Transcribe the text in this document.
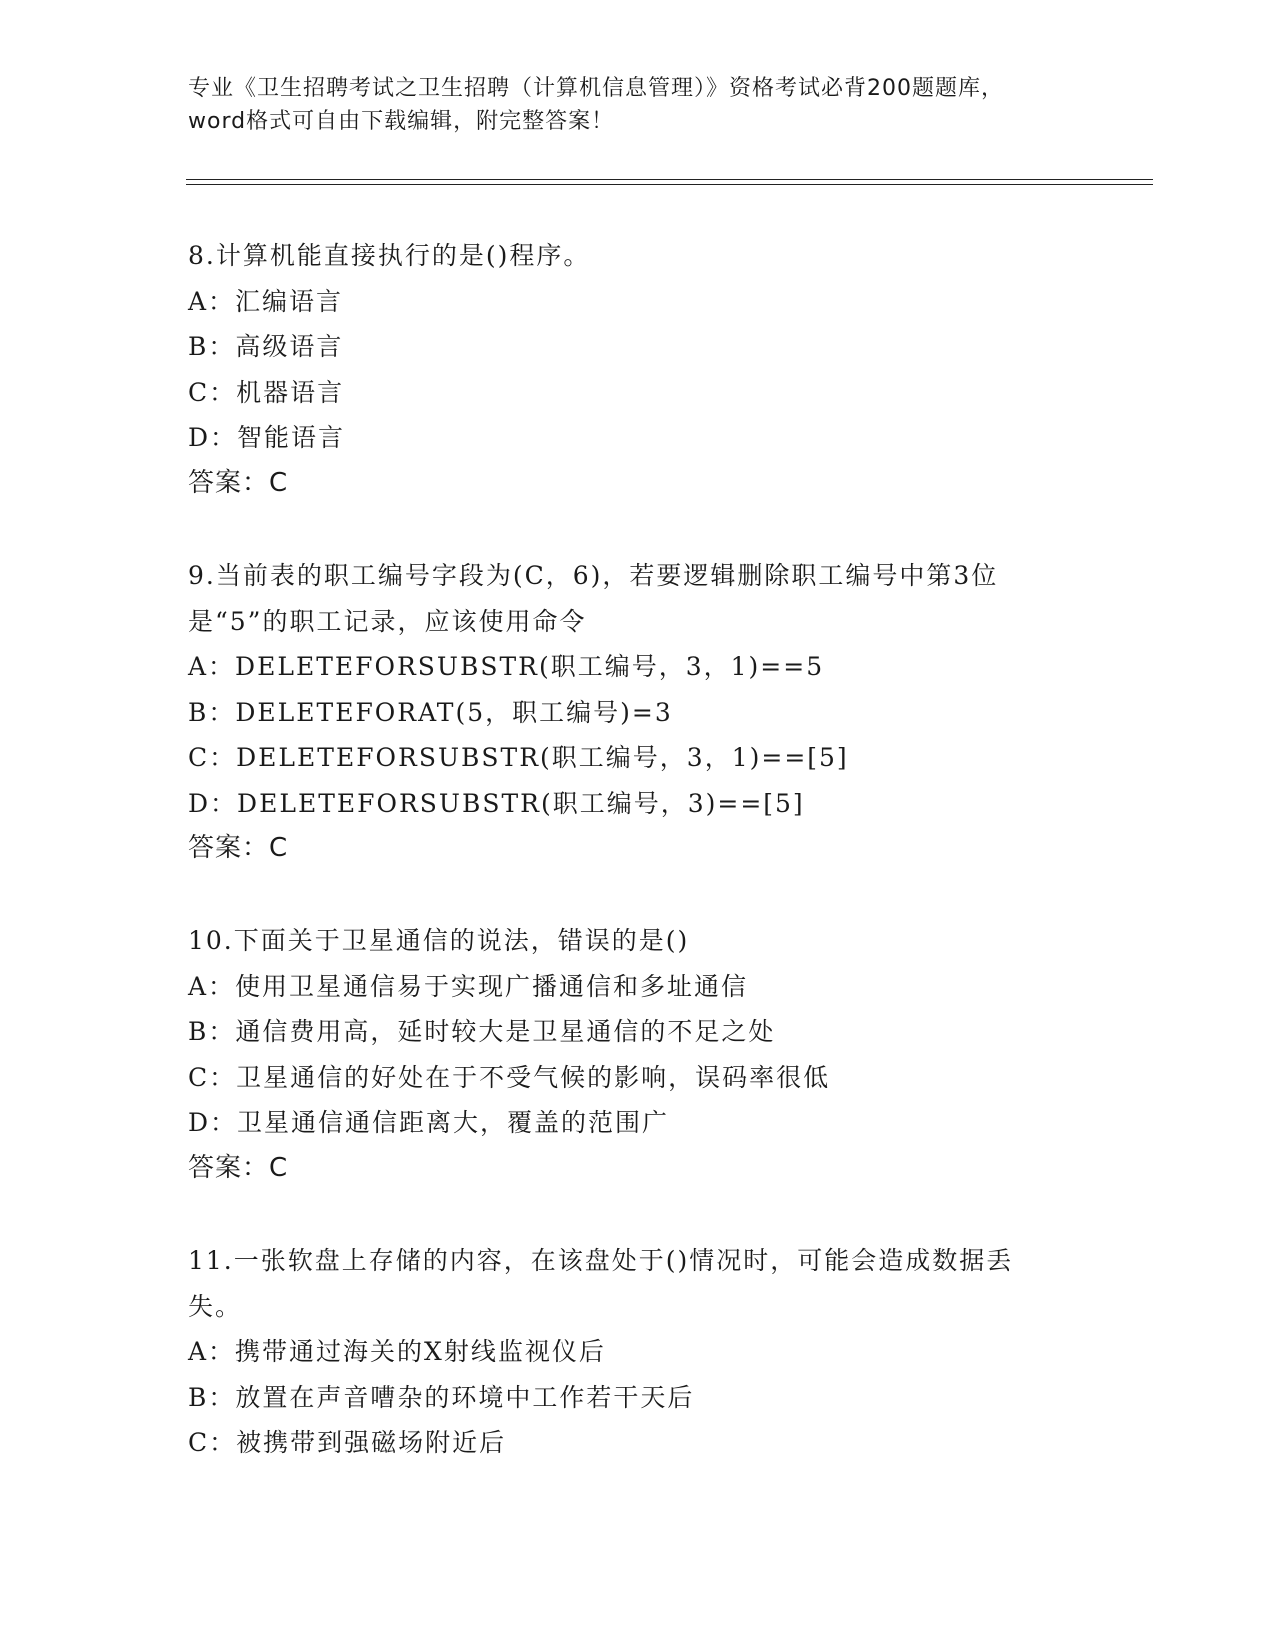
专业《卫生招聘考试之卫生招聘（计算机信息管理）》资格考试必背200题题库，
word格式可自由下载编辑，附完整答案！
8.计算机能直接执行的是()程序。
A：汇编语言
B：高级语言
C：机器语言
D：智能语言
答案：C
9.当前表的职工编号字段为(C，6)，若要逻辑删除职工编号中第3位
是“5”的职工记录，应该使用命令
A：DELETEFORSUBSTR(职工编号，3，1)==5
B：DELETEFORAT(5，职工编号)=3
C：DELETEFORSUBSTR(职工编号，3，1)==[5]
D：DELETEFORSUBSTR(职工编号，3)==[5]
答案：C
10.下面关于卫星通信的说法，错误的是()
A：使用卫星通信易于实现广播通信和多址通信
B：通信费用高，延时较大是卫星通信的不足之处
C：卫星通信的好处在于不受气候的影响，误码率很低
D：卫星通信通信距离大，覆盖的范围广
答案：C
11.一张软盘上存储的内容，在该盘处于()情况时，可能会造成数据丢
失。
A：携带通过海关的X射线监视仪后
B：放置在声音嘈杂的环境中工作若干天后
C：被携带到强磁场附近后
